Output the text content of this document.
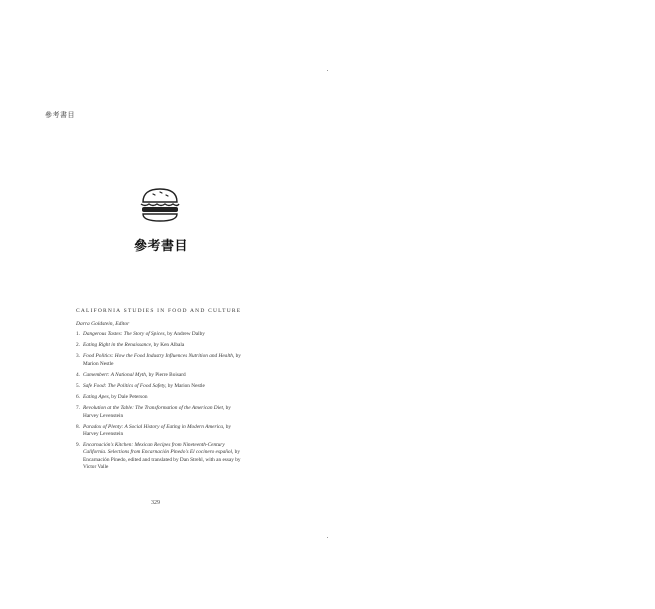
參考書目
參考書目
CALIFORNIA STUDIES IN FOOD AND CULTURE
Darra Goldstein, Editor
1. Dangerous Tastes: The Story of Spices, by Andrew Dalby
2. Eating Right in the Renaissance, by Ken Albala
3. Food Politics: How the Food Industry Influences Nutrition and Health, by Marion Nestle
4. Camembert: A National Myth, by Pierre Boisard
5. Safe Food: The Politics of Food Safety, by Marion Nestle
6. Eating Apes, by Dale Peterson
7. Revolution at the Table: The Transformation of the American Diet, by Harvey Levenstein
8. Paradox of Plenty: A Social History of Eating in Modern America, by Harvey Levenstein
9. Encarnación's Kitchen: Mexican Recipes from Nineteenth-Century California. Selections from Encarnación Pinedo's El cocinero español, by Encarnación Pinedo, edited and translated by Dan Strehl, with an essay by Victor Valle
329
